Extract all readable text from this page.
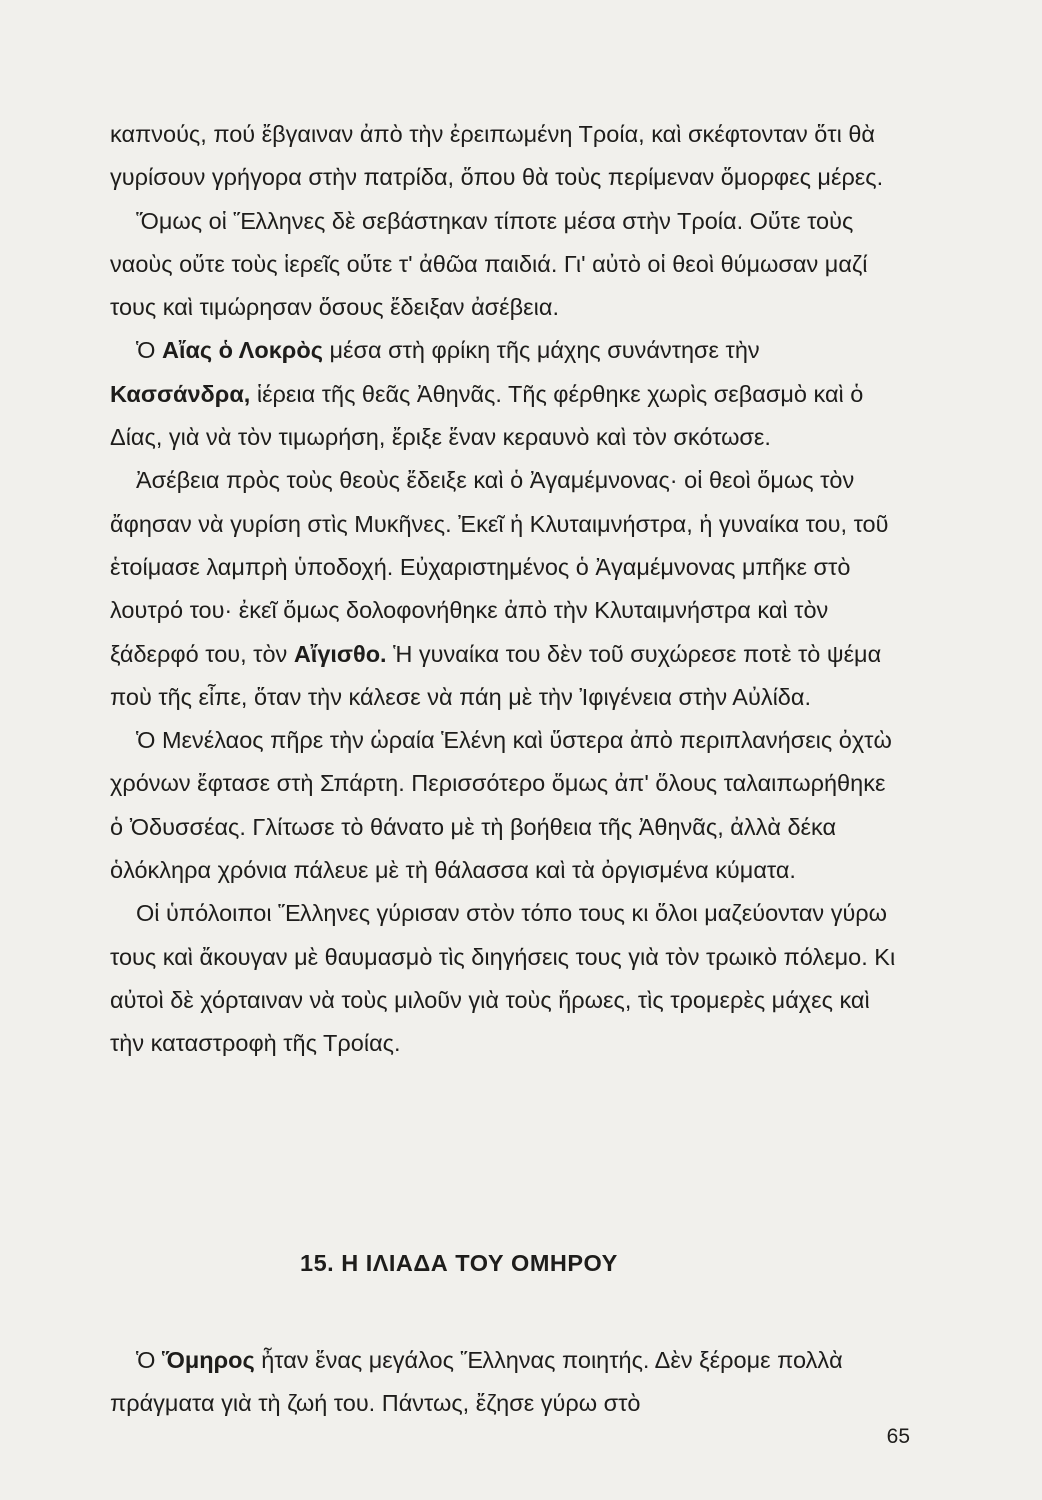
καπνούς, πού ἔβγαιναν ἀπὸ τὴν ἐρειπωμένη Τροία, καὶ σκέφτονταν ὅτι θὰ γυρίσουν γρήγορα στὴν πατρίδα, ὅπου θὰ τοὺς περίμεναν ὅμορφες μέρες.

Ὅμως οἱ Ἕλληνες δὲ σεβάστηκαν τίποτε μέσα στὴν Τροία. Οὔτε τοὺς ναοὺς οὔτε τοὺς ἱερεῖς οὔτε τ' ἀθῶα παιδιά. Γι' αὐτὸ οἱ θεοὶ θύμωσαν μαζί τους καὶ τιμώρησαν ὅσους ἔδειξαν ἀσέβεια.

Ὁ Αἴας ὁ Λοκρὸς μέσα στὴ φρίκη τῆς μάχης συνάντησε τὴν Κασσάνδρα, ἱέρεια τῆς θεᾶς Ἀθηνᾶς. Τῆς φέρθηκε χωρὶς σεβασμὸ καὶ ὁ Δίας, γιὰ νὰ τὸν τιμωρήση, ἔριξε ἕναν κεραυνὸ καὶ τὸν σκότωσε.

Ἀσέβεια πρὸς τοὺς θεοὺς ἔδειξε καὶ ὁ Ἀγαμέμνονας· οἱ θεοὶ ὅμως τὸν ἄφησαν νὰ γυρίση στὶς Μυκῆνες. Ἐκεῖ ἡ Κλυταιμνήστρα, ἡ γυναίκα του, τοῦ ἑτοίμασε λαμπρὴ ὑποδοχή. Εὐχαριστημένος ὁ Ἀγαμέμνονας μπῆκε στὸ λουτρό του· ἐκεῖ ὅμως δολοφονήθηκε ἀπὸ τὴν Κλυταιμνήστρα καὶ τὸν ξάδερφό του, τὸν Αἴγισθο. Ἡ γυναίκα του δὲν τοῦ συχώρεσε ποτὲ τὸ ψέμα ποὺ τῆς εἶπε, ὅταν τὴν κάλεσε νὰ πάη μὲ τὴν Ἰφιγένεια στὴν Αὐλίδα.

Ὁ Μενέλαος πῆρε τὴν ὡραία Ἑλένη καὶ ὕστερα ἀπὸ περιπλανήσεις ὀχτὼ χρόνων ἔφτασε στὴ Σπάρτη. Περισσότερο ὅμως ἀπ' ὅλους ταλαιπωρήθηκε ὁ Ὀδυσσέας. Γλίτωσε τὸ θάνατο μὲ τὴ βοήθεια τῆς Ἀθηνᾶς, ἀλλὰ δέκα ὁλόκληρα χρόνια πάλευε μὲ τὴ θάλασσα καὶ τὰ ὀργισμένα κύματα.

Οἱ ὑπόλοιποι Ἕλληνες γύρισαν στὸν τόπο τους κι ὅλοι μαζεύονταν γύρω τους καὶ ἄκουγαν μὲ θαυμασμὸ τὶς διηγήσεις τους γιὰ τὸν τρωικὸ πόλεμο. Κι αὐτοὶ δὲ χόρταιναν νὰ τοὺς μιλοῦν γιὰ τοὺς ἥρωες, τὶς τρομερὲς μάχες καὶ τὴν καταστροφὴ τῆς Τροίας.

15. Η ΙΛΙΑΔΑ ΤΟΥ ΟΜΗΡΟΥ

Ὁ Ὅμηρος ἦταν ἕνας μεγάλος Ἕλληνας ποιητής. Δὲν ξέρομε πολλὰ πράγματα γιὰ τὴ ζωή του. Πάντως, ἔζησε γύρω στὸ

65
